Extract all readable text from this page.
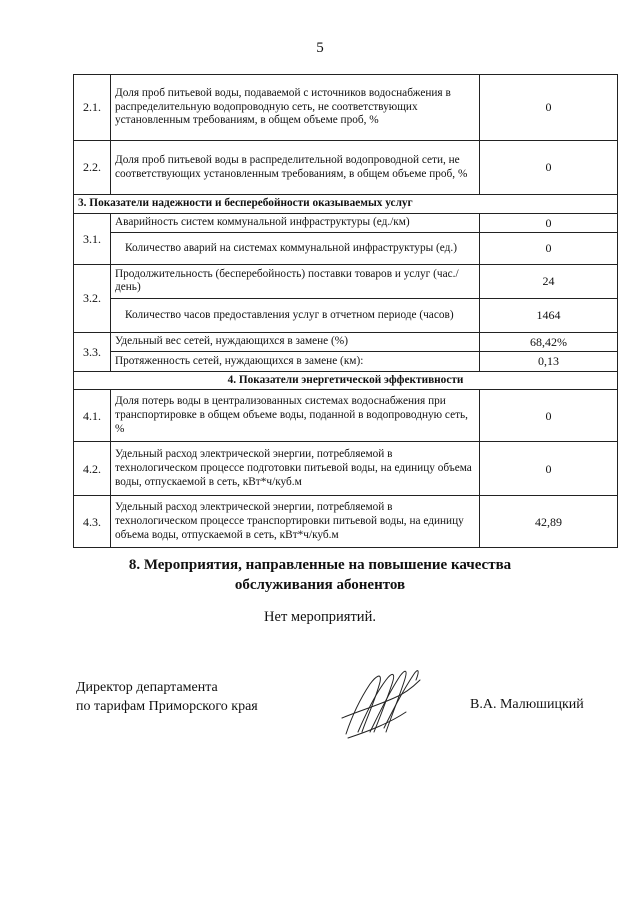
5
2.1.	Доля проб питьевой воды, подаваемой с источников водоснабжения в распределительную водопроводную сеть, не соответствующих установленным требованиям, в общем объеме проб, %	0
2.2.	Доля проб питьевой воды в распределительной водопроводной сети, не соответствующих установленным требованиям, в общем объеме проб, %	0
3. Показатели надежности и бесперебойности оказываемых услуг		
3.1.	Аварийность систем коммунальной инфраструктуры (ед./км)	0
	Количество аварий на системах коммунальной инфраструктуры (ед.)	0
3.2.	Продолжительность (бесперебойность) поставки товаров и услуг (час./день)	24
	Количество часов предоставления услуг в отчетном периоде (часов)	1464
3.3.	Удельный вес сетей, нуждающихся в замене (%)	68,42%
	Протяженность сетей, нуждающихся в замене (км):	0,13
4. Показатели энергетической эффективности		
4.1.	Доля потерь воды в централизованных системах водоснабжения при транспортировке в общем объеме воды, поданной в водопроводную сеть, %	0
4.2.	Удельный расход электрической энергии, потребляемой в технологическом процессе подготовки питьевой воды, на единицу объема воды, отпускаемой в сеть, кВт*ч/куб.м	0
4.3.	Удельный расход электрической энергии, потребляемой в технологическом процессе транспортировки питьевой воды, на единицу объема воды, отпускаемой в сеть, кВт*ч/куб.м	42,89
8. Мероприятия, направленные на повышение качества
обслуживания абонентов
Нет мероприятий.
Директор департамента
по тарифам Приморского края	В.А. Малюшицкий
